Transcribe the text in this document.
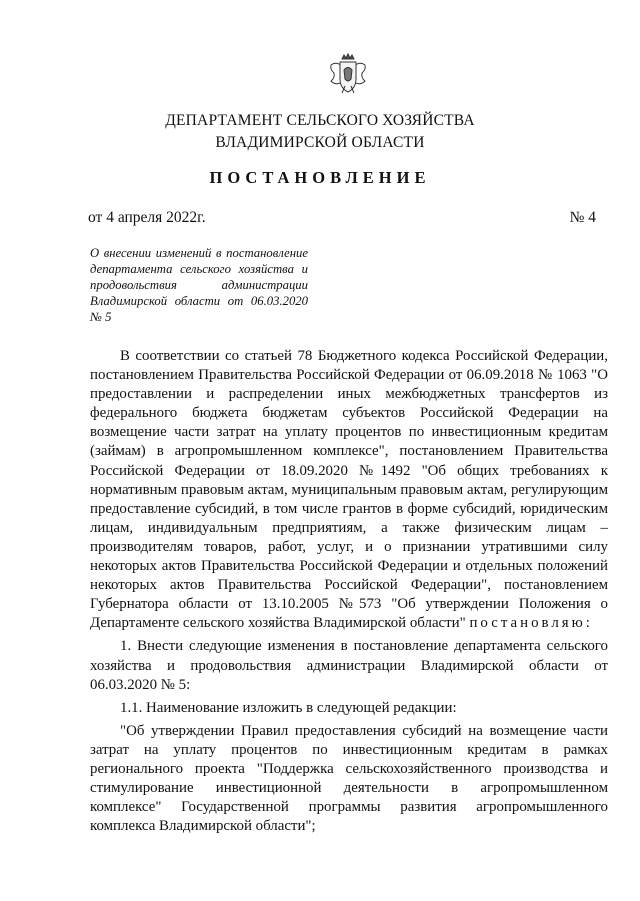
ДЕПАРТАМЕНТ СЕЛЬСКОГО ХОЗЯЙСТВА
ВЛАДИМИРСКОЙ ОБЛАСТИ
ПОСТАНОВЛЕНИЕ
от 4 апреля 2022г.	№ 4
О внесении изменений в постановление департамента сельского хозяйства и продовольствия администрации Владимирской области от 06.03.2020 № 5

В соответствии со статьей 78 Бюджетного кодекса Российской Федерации, постановлением Правительства Российской Федерации от 06.09.2018 № 1063 "О предоставлении и распределении иных межбюджетных трансфертов из федерального бюджета бюджетам субъектов Российской Федерации на возмещение части затрат на уплату процентов по инвестиционным кредитам (займам) в агропромышленном комплексе", постановлением Правительства Российской Федерации от 18.09.2020 №1492 "Об общих требованиях к нормативным правовым актам, муниципальным правовым актам, регулирующим предоставление субсидий, в том числе грантов в форме субсидий, юридическим лицам, индивидуальным предприятиям, а также физическим лицам – производителям товаров, работ, услуг, и о признании утратившими силу некоторых актов Правительства Российской Федерации и отдельных положений некоторых актов Правительства Российской Федерации", постановлением Губернатора области от 13.10.2005 №573 "Об утверждении Положения о Департаменте сельского хозяйства Владимирской области" постановляю:

1. Внести следующие изменения в постановление департамента сельского хозяйства и продовольствия администрации Владимирской области от 06.03.2020 № 5:

1.1. Наименование изложить в следующей редакции:

"Об утверждении Правил предоставления субсидий на возмещение части затрат на уплату процентов по инвестиционным кредитам в рамках регионального проекта "Поддержка сельскохозяйственного производства и стимулирование инвестиционной деятельности в агропромышленном комплексе" Государственной программы развития агропромышленного комплекса Владимирской области";
